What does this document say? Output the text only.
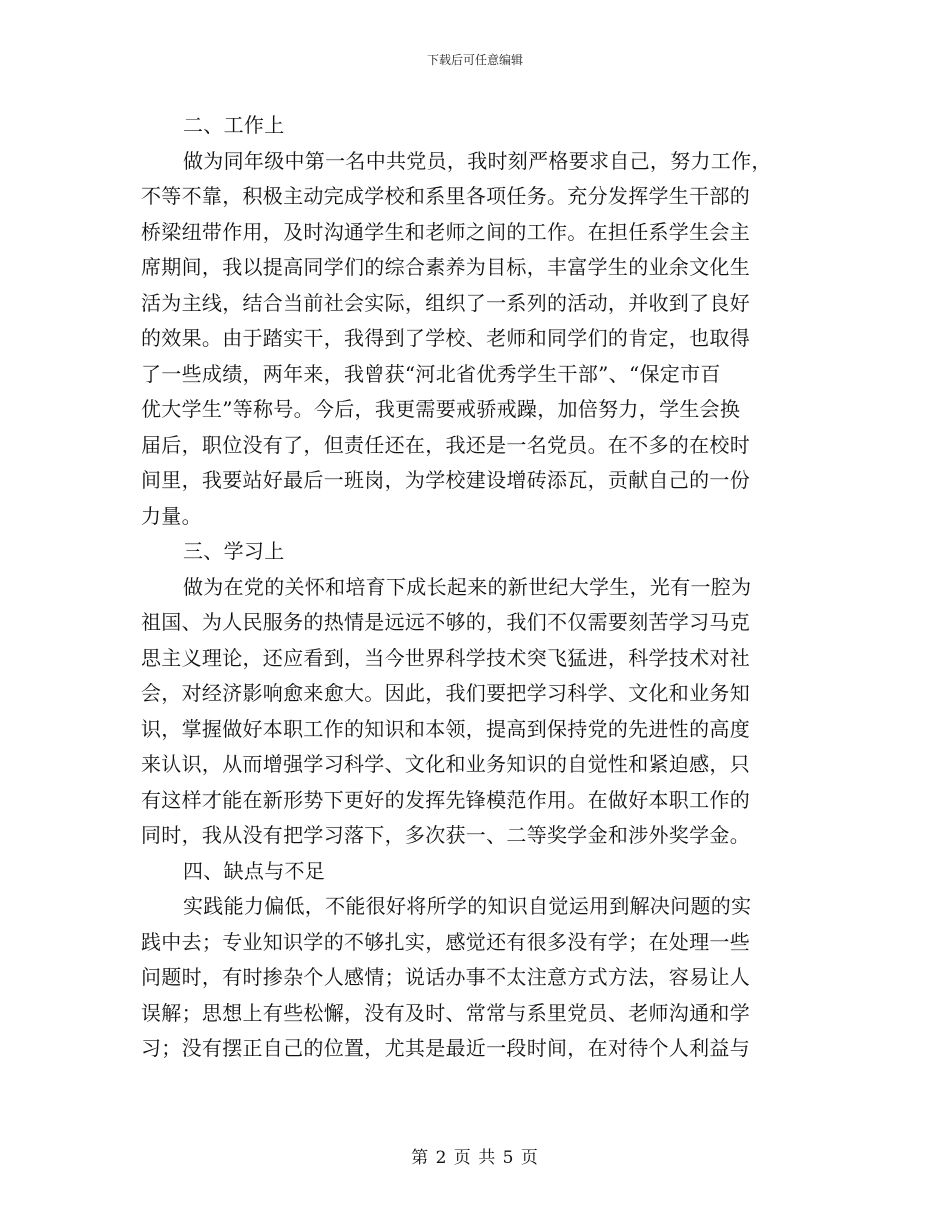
下载后可任意编辑
二、工作上
做为同年级中第一名中共党员，我时刻严格要求自己，努力工作，
不等不靠，积极主动完成学校和系里各项任务。充分发挥学生干部的
桥梁纽带作用，及时沟通学生和老师之间的工作。在担任系学生会主
席期间，我以提高同学们的综合素养为目标，丰富学生的业余文化生
活为主线，结合当前社会实际，组织了一系列的活动，并收到了良好
的效果。由于踏实干，我得到了学校、老师和同学们的肯定，也取得
了一些成绩，两年来，我曾获“河北省优秀学生干部”、“保定市百
优大学生”等称号。今后，我更需要戒骄戒躁，加倍努力，学生会换
届后，职位没有了，但责任还在，我还是一名党员。在不多的在校时
间里，我要站好最后一班岗，为学校建设增砖添瓦，贡献自己的一份
力量。
三、学习上
做为在党的关怀和培育下成长起来的新世纪大学生，光有一腔为
祖国、为人民服务的热情是远远不够的，我们不仅需要刻苦学习马克
思主义理论，还应看到，当今世界科学技术突飞猛进，科学技术对社
会，对经济影响愈来愈大。因此，我们要把学习科学、文化和业务知
识，掌握做好本职工作的知识和本领，提高到保持党的先进性的高度
来认识，从而增强学习科学、文化和业务知识的自觉性和紧迫感，只
有这样才能在新形势下更好的发挥先锋模范作用。在做好本职工作的
同时，我从没有把学习落下，多次获一、二等奖学金和涉外奖学金。
四、缺点与不足
实践能力偏低，不能很好将所学的知识自觉运用到解决问题的实
践中去；专业知识学的不够扎实，感觉还有很多没有学；在处理一些
问题时，有时掺杂个人感情；说话办事不太注意方式方法，容易让人
误解；思想上有些松懈，没有及时、常常与系里党员、老师沟通和学
习；没有摆正自己的位置，尤其是最近一段时间，在对待个人利益与
第 2 页 共 5 页
